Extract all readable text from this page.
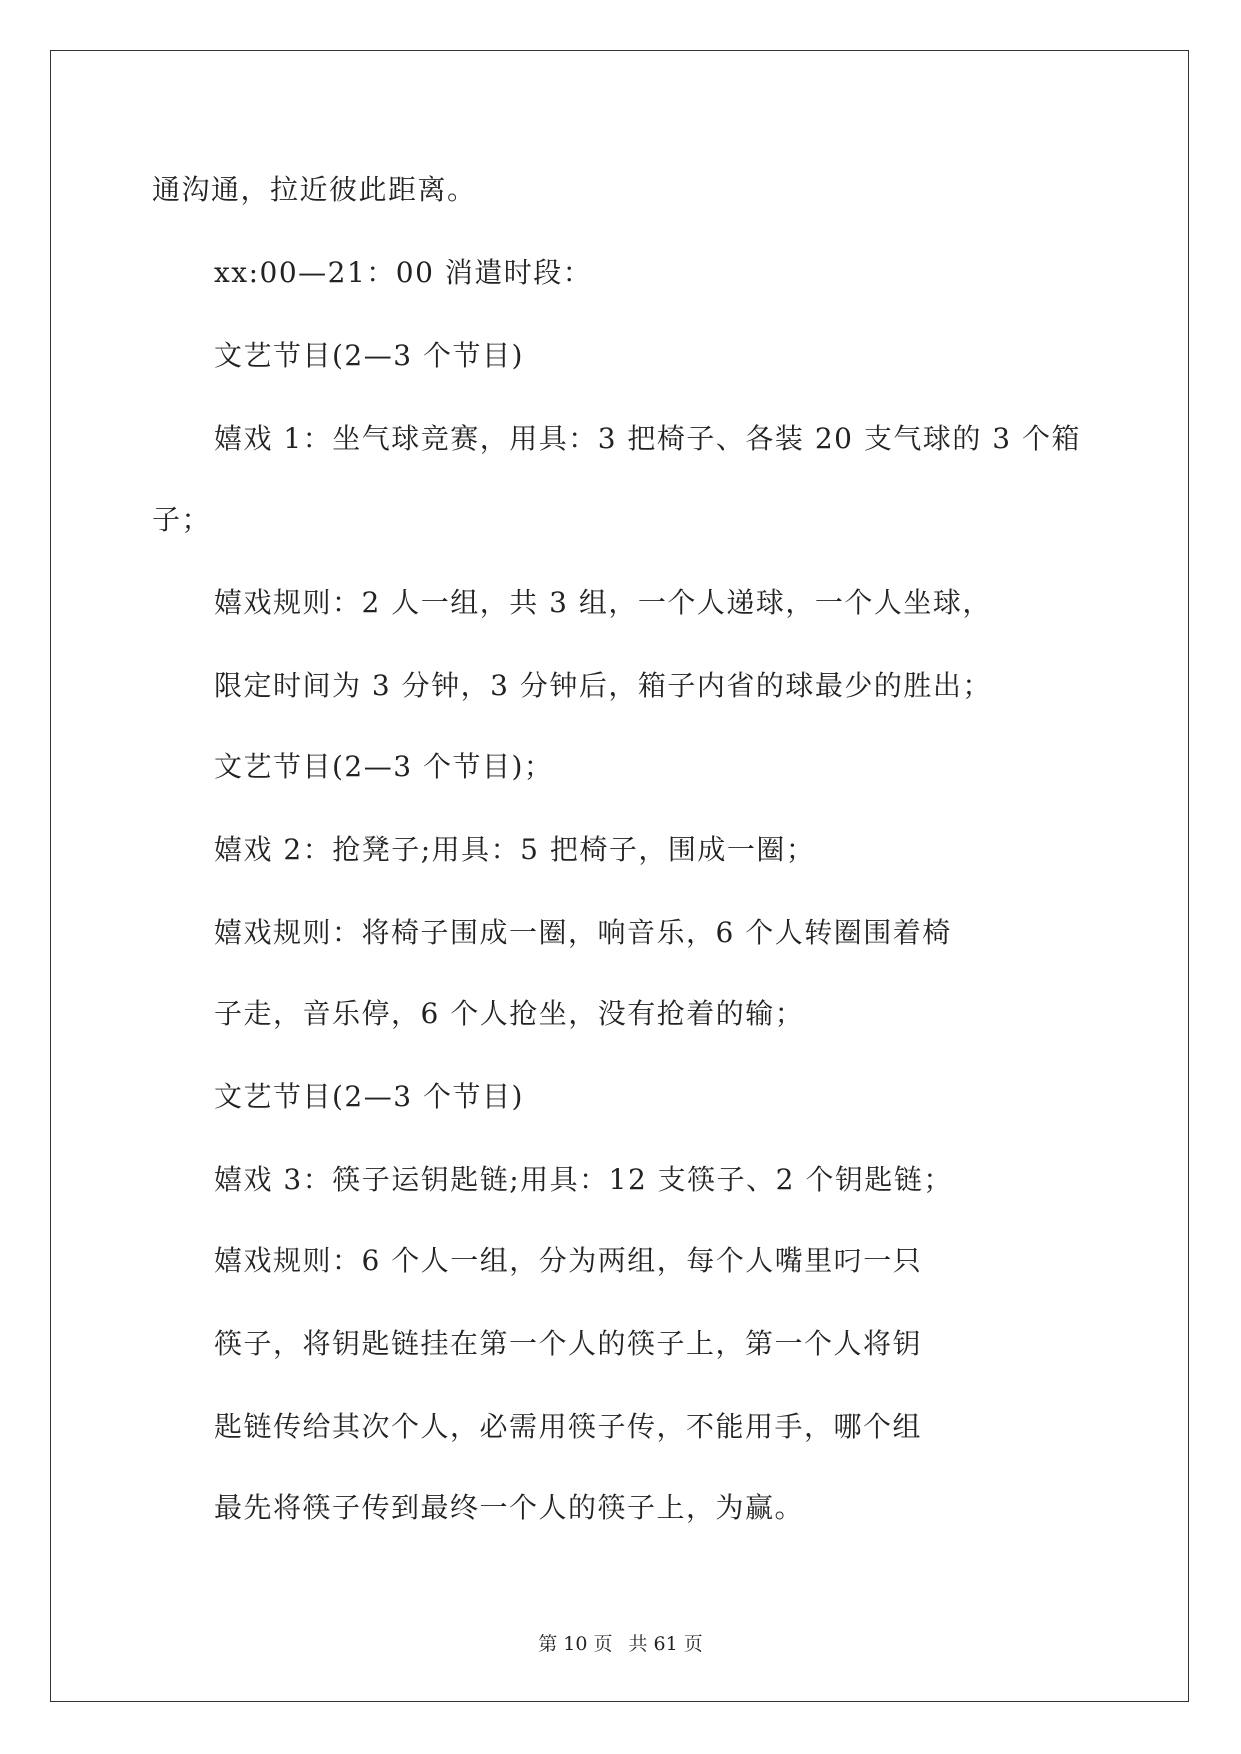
通沟通，拉近彼此距离。
xx:00—21：00 消遣时段：
文艺节目(2—3 个节目)
嬉戏 1：坐气球竞赛，用具：3 把椅子、各装 20 支气球的 3 个箱
子；
嬉戏规则：2 人一组，共 3 组，一个人递球，一个人坐球，
限定时间为 3 分钟，3 分钟后，箱子内省的球最少的胜出；
文艺节目(2—3 个节目)；
嬉戏 2：抢凳子;用具：5 把椅子，围成一圈；
嬉戏规则：将椅子围成一圈，响音乐，6 个人转圈围着椅
子走，音乐停，6 个人抢坐，没有抢着的输；
文艺节目(2—3 个节目)
嬉戏 3：筷子运钥匙链;用具：12 支筷子、2 个钥匙链；
嬉戏规则：6 个人一组，分为两组，每个人嘴里叼一只
筷子，将钥匙链挂在第一个人的筷子上，第一个人将钥
匙链传给其次个人，必需用筷子传，不能用手，哪个组
最先将筷子传到最终一个人的筷子上，为赢。
第 10 页 共 61 页
